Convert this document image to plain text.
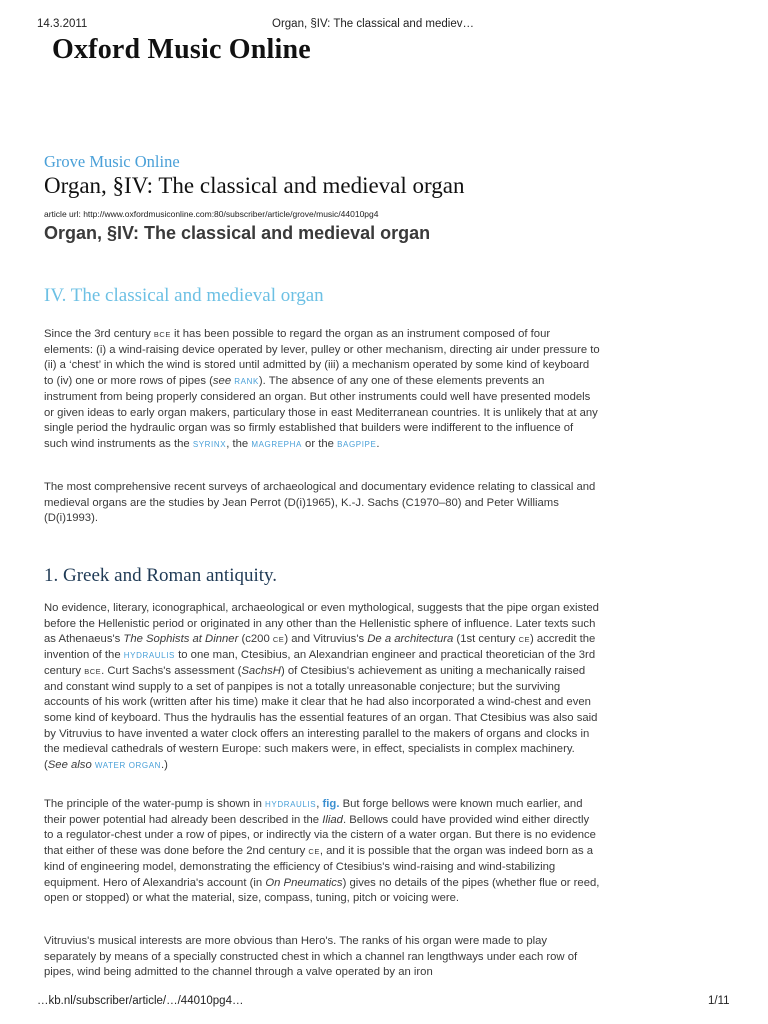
14.3.2011	Organ, §IV: The classical and mediev…
Oxford Music Online
Grove Music Online
Organ, §IV: The classical and medieval organ
article url: http://www.oxfordmusiconline.com:80/subscriber/article/grove/music/44010pg4
Organ, §IV: The classical and medieval organ
IV. The classical and medieval organ

Since the 3rd century BCE it has been possible to regard the organ as an instrument composed of four elements: (i) a wind-raising device operated by lever, pulley or other mechanism, directing air under pressure to (ii) a ‘chest’ in which the wind is stored until admitted by (iii) a mechanism operated by some kind of keyboard to (iv) one or more rows of pipes (see RANK). The absence of any one of these elements prevents an instrument from being properly considered an organ. But other instruments could well have presented models or given ideas to early organ makers, particulary those in east Mediterranean countries. It is unlikely that at any single period the hydraulic organ was so firmly established that builders were indifferent to the influence of such wind instruments as the SYRINX, the MAGREPHA or the BAGPIPE.

The most comprehensive recent surveys of archaeological and documentary evidence relating to classical and medieval organs are the studies by Jean Perrot (D(i)1965), K.-J. Sachs (C1970–80) and Peter Williams (D(i)1993).

1. Greek and Roman antiquity.

No evidence, literary, iconographical, archaeological or even mythological, suggests that the pipe organ existed before the Hellenistic period or originated in any other than the Hellenistic sphere of influence. Later texts such as Athenaeus's The Sophists at Dinner (c200 CE) and Vitruvius's De a architectura (1st century CE) accredit the invention of the HYDRAULIS to one man, Ctesibius, an Alexandrian engineer and practical theoretician of the 3rd century BCE. Curt Sachs's assessment (SachsH) of Ctesibius's achievement as uniting a mechanically raised and constant wind supply to a set of panpipes is not a totally unreasonable conjecture; but the surviving accounts of his work (written after his time) make it clear that he had also incorporated a wind-chest and even some kind of keyboard. Thus the hydraulis has the essential features of an organ. That Ctesibius was also said by Vitruvius to have invented a water clock offers an interesting parallel to the makers of organs and clocks in the medieval cathedrals of western Europe: such makers were, in effect, specialists in complex machinery. (See also WATER ORGAN.)

The principle of the water-pump is shown in HYDRAULIS, fig. But forge bellows were known much earlier, and their power potential had already been described in the Iliad. Bellows could have provided wind either directly to a regulator-chest under a row of pipes, or indirectly via the cistern of a water organ. But there is no evidence that either of these was done before the 2nd century CE, and it is possible that the organ was indeed born as a kind of engineering model, demonstrating the efficiency of Ctesibius's wind-raising and wind-stabilizing equipment. Hero of Alexandria's account (in On Pneumatics) gives no details of the pipes (whether flue or reed, open or stopped) or what the material, size, compass, tuning, pitch or voicing were.

Vitruvius's musical interests are more obvious than Hero's. The ranks of his organ were made to play separately by means of a specially constructed chest in which a channel ran lengthways under each row of pipes, wind being admitted to the channel through a valve operated by an iron

…kb.nl/subscriber/article/…/44010pg4…	1/11
